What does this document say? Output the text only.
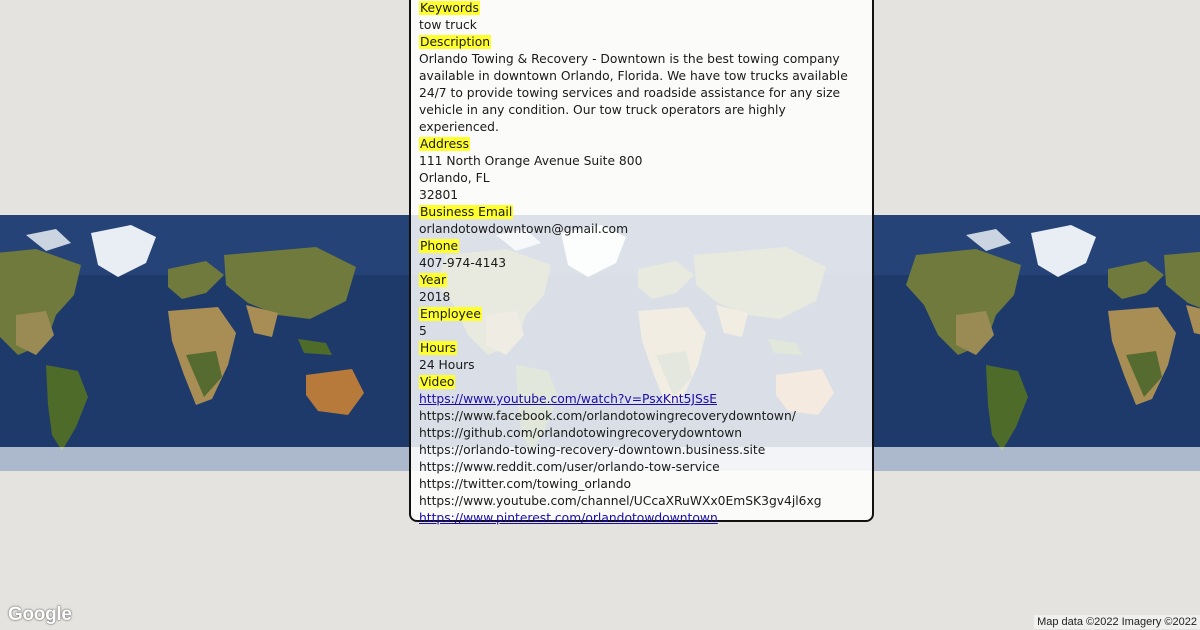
Keywords
tow truck
Description
Orlando Towing & Recovery - Downtown is the best towing company available in downtown Orlando, Florida. We have tow trucks available 24/7 to provide towing services and roadside assistance for any size vehicle in any condition. Our tow truck operators are highly experienced.
Address
111 North Orange Avenue Suite 800
Orlando, FL
32801
Business Email
orlandotowdowntown@gmail.com
Phone
407-974-4143
Year
2018
Employee
5
Hours
24 Hours
Video
https://www.youtube.com/watch?v=PsxKnt5JSsE
https://www.facebook.com/orlandotowingrecoverydowntown/
https://github.com/orlandotowingrecoverydowntown
https://orlando-towing-recovery-downtown.business.site
https://www.reddit.com/user/orlando-tow-service
https://twitter.com/towing_orlando
https://www.youtube.com/channel/UCcaXRuWXx0EmSK3gv4jl6xg
https://www.pinterest.com/orlandotowdowntown
Google	Map data ©2022 Imagery ©2022
